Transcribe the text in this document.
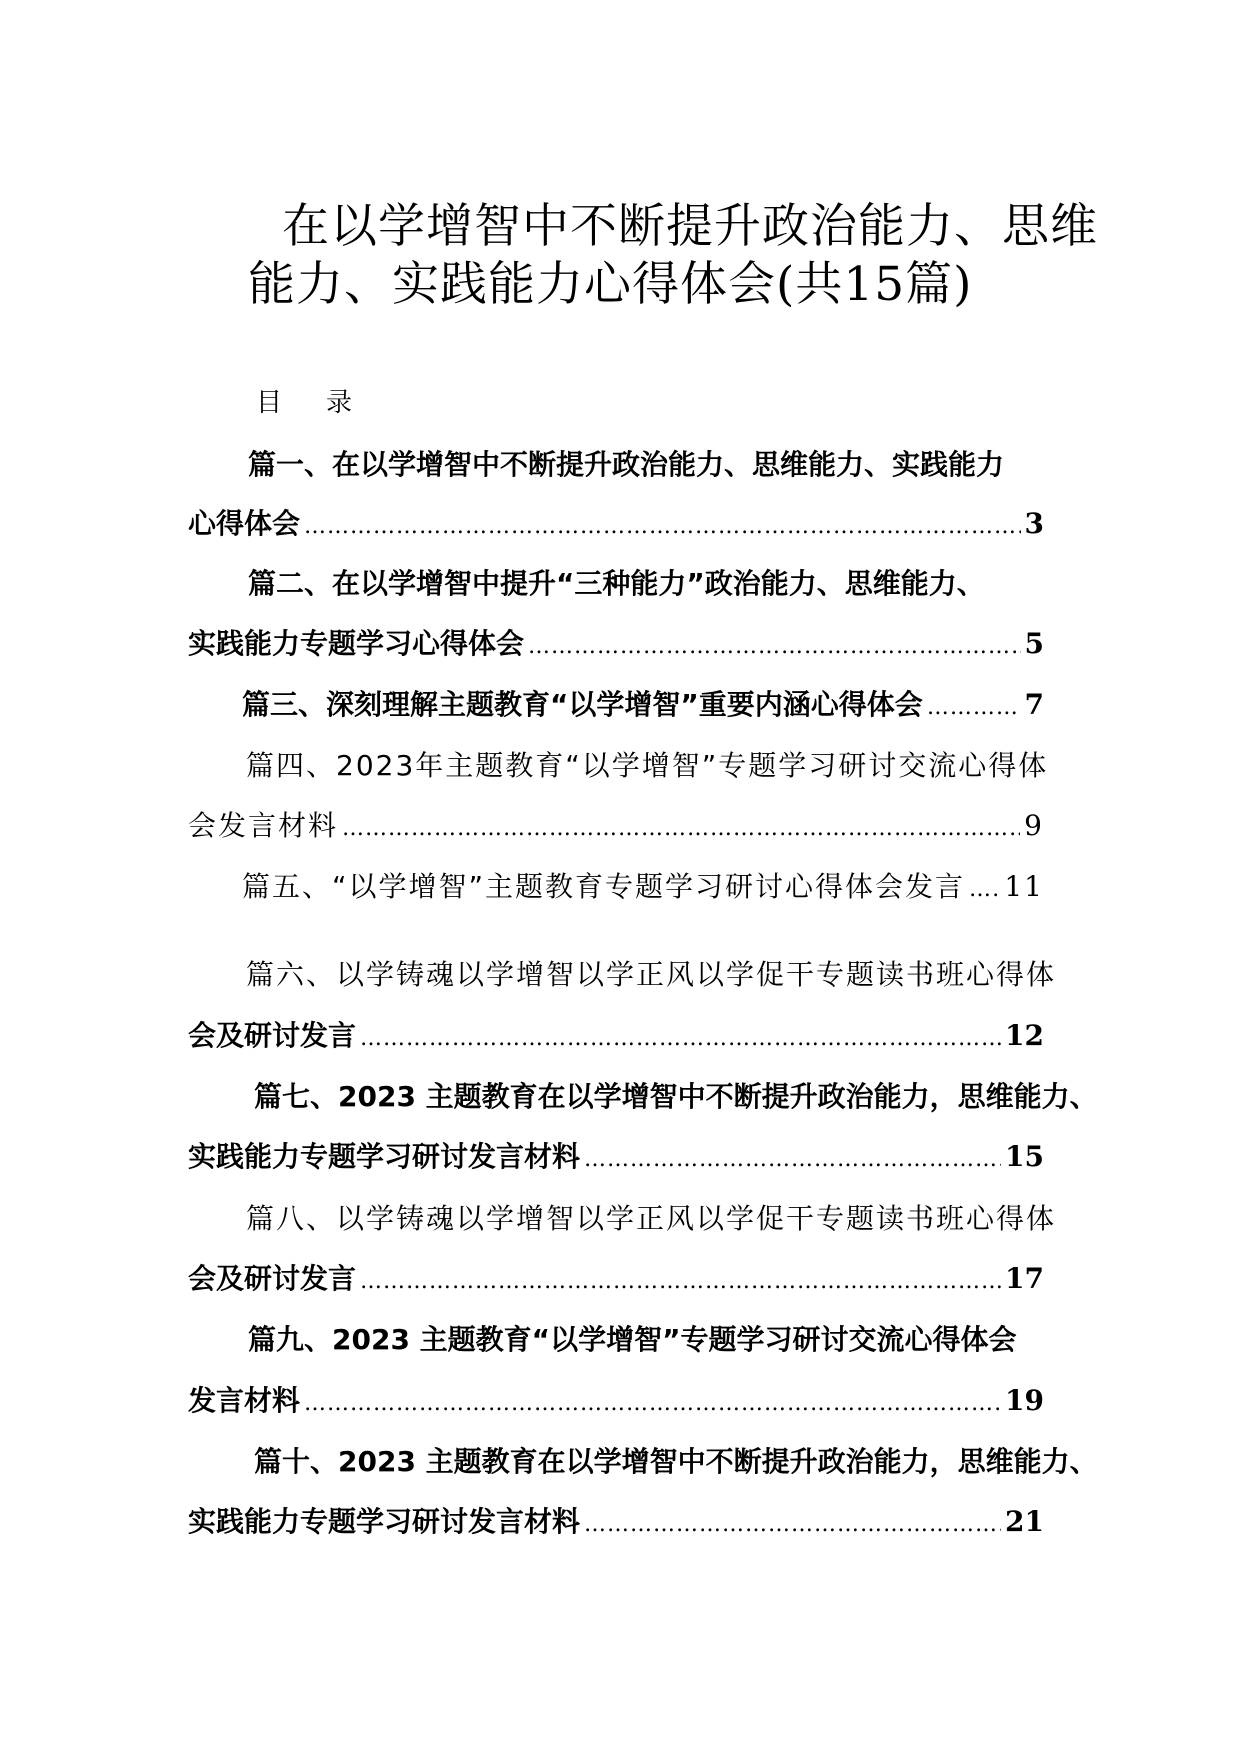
在以学增智中不断提升政治能力、思维
能力、实践能力心得体会(共15篇)
目 录
篇一、在以学增智中不断提升政治能力、思维能力、实践能力
心得体会 …………………………………………………………………………………………………………………………………………………………………………………………………	3
篇二、在以学增智中提升“三种能力”政治能力、思维能力、
实践能力专题学习心得体会 …………………………………………………………………………………………………………………………………………………………………………………………………	5
篇三、深刻理解主题教育“以学增智”重要内涵心得体会 …………………………………………………………………………………………………………………………………………………………………………………………………	7
篇四、2023年主题教育“以学增智”专题学习研讨交流心得体
会发言材料 …………………………………………………………………………………………………………………………………………………………………………………………………	9
篇五、“以学增智”主题教育专题学习研讨心得体会发言 ………………………………………………………………………………………………………………………………………………………………………………………………… 11
篇六、以学铸魂以学增智以学正风以学促干专题读书班心得体
会及研讨发言 …………………………………………………………………………………………………………………………………………………………………………………………………	12
篇七、2023 主题教育在以学增智中不断提升政治能力，思维能力、
实践能力专题学习研讨发言材料 …………………………………………………………………………………………………………………………………………………………………………………………………	15
篇八、以学铸魂以学增智以学正风以学促干专题读书班心得体
会及研讨发言 …………………………………………………………………………………………………………………………………………………………………………………………………	17
篇九、2023 主题教育“以学增智”专题学习研讨交流心得体会
发言材料 …………………………………………………………………………………………………………………………………………………………………………………………………	19
篇十、2023 主题教育在以学增智中不断提升政治能力，思维能力、
实践能力专题学习研讨发言材料 …………………………………………………………………………………………………………………………………………………………………………………………………	21
